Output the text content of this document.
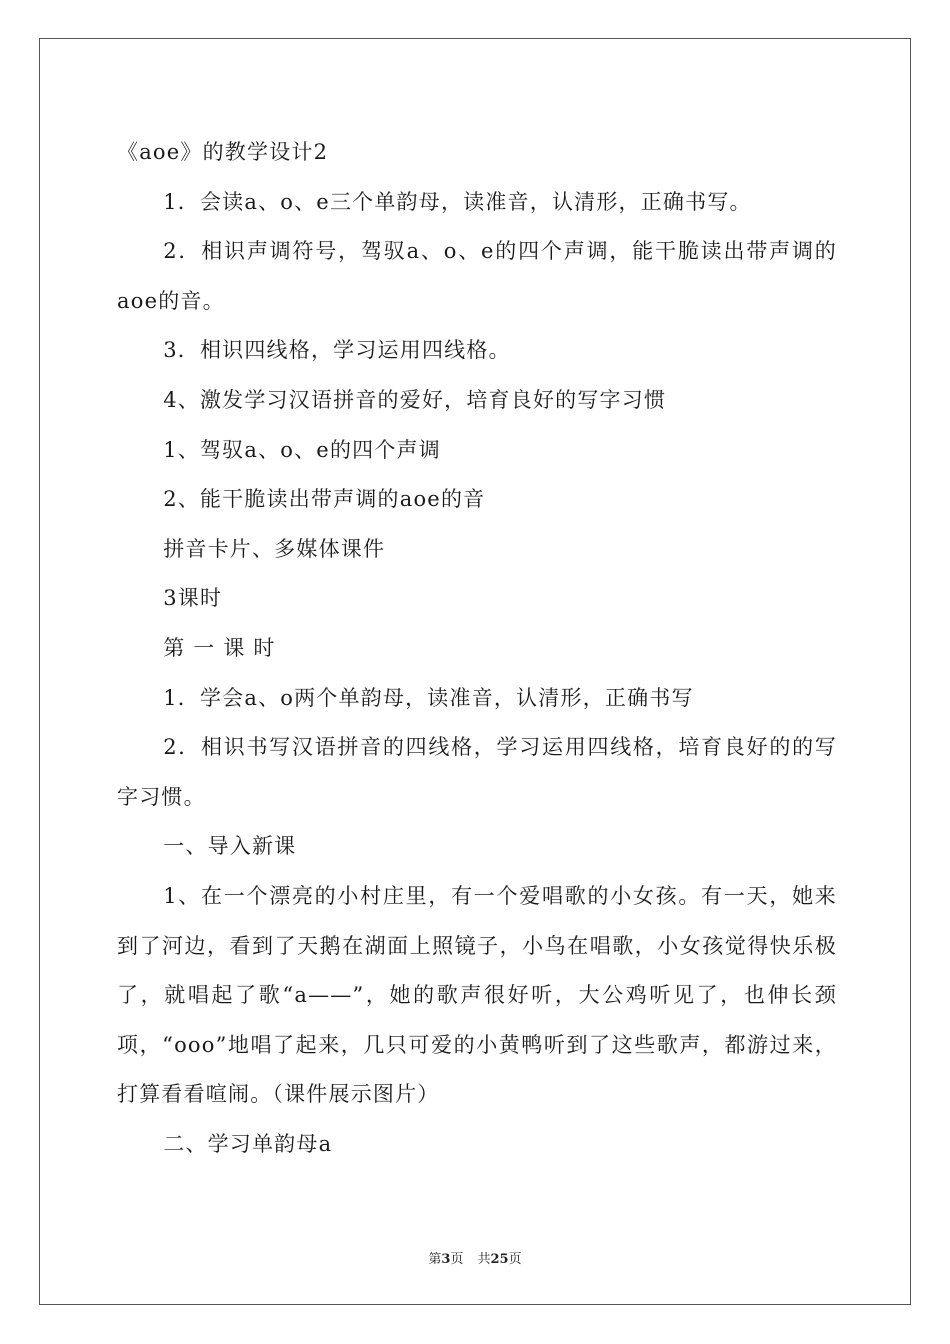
《aoe》的教学设计2

1．会读a、o、e三个单韵母，读准音，认清形，正确书写。

2．相识声调符号，驾驭a、o、e的四个声调，能干脆读出带声调的aoe的音。

3．相识四线格，学习运用四线格。

4、激发学习汉语拼音的爱好，培育良好的写字习惯

1、驾驭a、o、e的四个声调

2、能干脆读出带声调的aoe的音

拼音卡片、多媒体课件

3课时

第 一 课 时

1．学会a、o两个单韵母，读准音，认清形，正确书写

2．相识书写汉语拼音的四线格，学习运用四线格，培育良好的的写字习惯。

一、导入新课

1、在一个漂亮的小村庄里，有一个爱唱歌的小女孩。有一天，她来到了河边，看到了天鹅在湖面上照镜子，小鸟在唱歌，小女孩觉得快乐极了，就唱起了歌“a——”，她的歌声很好听，大公鸡听见了，也伸长颈项，“ooo”地唱了起来，几只可爱的小黄鸭听到了这些歌声，都游过来，打算看看喧闹。（课件展示图片）

二、学习单韵母a

第3页 共25页
